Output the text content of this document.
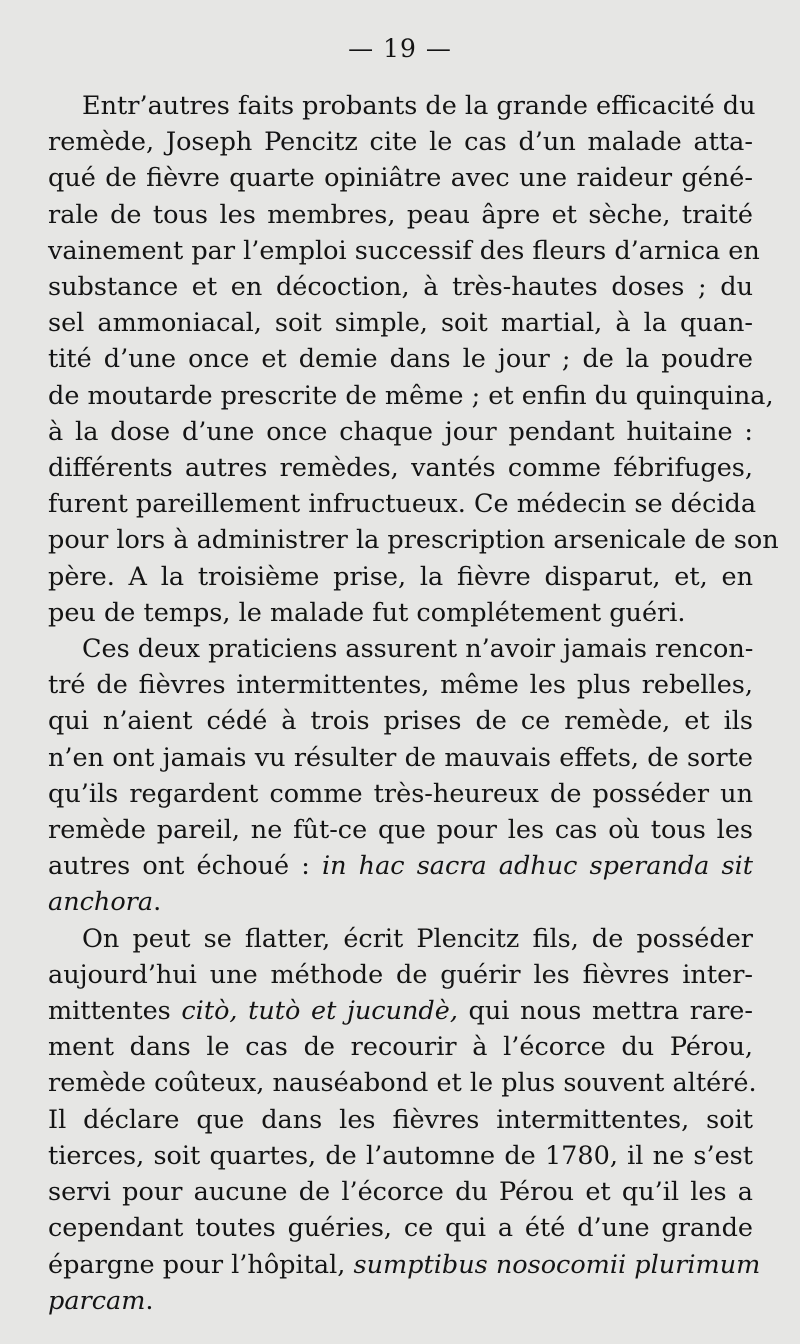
— 19 —

Entr’autres faits probants de la grande efficacité du
remède, Joseph Pencitz cite le cas d’un malade atta-
qué de fièvre quarte opiniâtre avec une raideur géné-
rale de tous les membres, peau âpre et sèche, traité
vainement par l’emploi successif des fleurs d’arnica en
substance et en décoction, à très-hautes doses ; du
sel ammoniacal, soit simple, soit martial, à la quan-
tité d’une once et demie dans le jour ; de la poudre
de moutarde prescrite de même ; et enfin du quinquina,
à la dose d’une once chaque jour pendant huitaine :
différents autres remèdes, vantés comme fébrifuges,
furent pareillement infructueux. Ce médecin se décida
pour lors à administrer la prescription arsenicale de son
père. A la troisième prise, la fièvre disparut, et, en
peu de temps, le malade fut complétement guéri.

Ces deux praticiens assurent n’avoir jamais rencon-
tré de fièvres intermittentes, même les plus rebelles,
qui n’aient cédé à trois prises de ce remède, et ils
n’en ont jamais vu résulter de mauvais effets, de sorte
qu’ils regardent comme très-heureux de posséder un
remède pareil, ne fût-ce que pour les cas où tous les
autres ont échoué : in hac sacra adhuc speranda sit
anchora.

On peut se flatter, écrit Plencitz fils, de posséder
aujourd’hui une méthode de guérir les fièvres inter-
mittentes citò, tutò et jucundè, qui nous mettra rare-
ment dans le cas de recourir à l’écorce du Pérou,
remède coûteux, nauséabond et le plus souvent altéré.
Il déclare que dans les fièvres intermittentes, soit
tierces, soit quartes, de l’automne de 1780, il ne s’est
servi pour aucune de l’écorce du Pérou et qu’il les a
cependant toutes guéries, ce qui a été d’une grande
épargne pour l’hôpital, sumptibus nosocomii plurimum
parcam.
